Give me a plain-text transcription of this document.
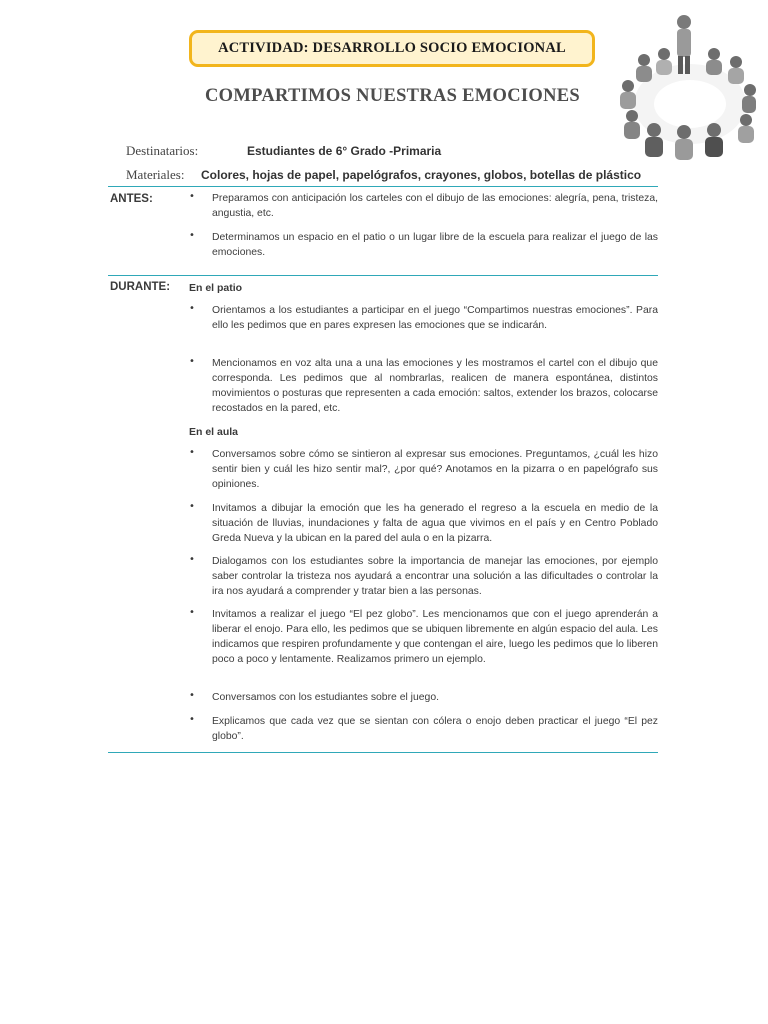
ACTIVIDAD: DESARROLLO SOCIO EMOCIONAL
COMPARTIMOS NUESTRAS EMOCIONES
Destinatarios:	Estudiantes de 6° Grado -Primaria
Materiales: Colores, hojas de papel, papelógrafos, crayones, globos, botellas de plástico
ANTES:	• Preparamos con anticipación los carteles con el dibujo de las emociones: alegría, pena, tristeza, angustia, etc.
• Determinamos un espacio en el patio o un lugar libre de la escuela para realizar el juego de las emociones.
DURANTE: En el patio
• Orientamos a los estudiantes a participar en el juego “Compartimos nuestras emociones”. Para ello les pedimos que en pares expresen las emociones que se indicarán.
• Mencionamos en voz alta una a una las emociones y les mostramos el cartel con el dibujo que corresponda. Les pedimos que al nombrarlas, realicen de manera espontánea, distintos movimientos o posturas que representen a cada emoción: saltos, extender los brazos, colocarse recostados en la pared, etc.
En el aula
• Conversamos sobre cómo se sintieron al expresar sus emociones. Preguntamos, ¿cuál les hizo sentir bien y cuál les hizo sentir mal?, ¿por qué? Anotamos en la pizarra o en papelógrafo sus opiniones.
• Invitamos a dibujar la emoción que les ha generado el regreso a la escuela en medio de la situación de lluvias, inundaciones y falta de agua que vivimos en el país y en Centro Poblado Greda Nueva y la ubican en la pared del aula o en la pizarra.
• Dialogamos con los estudiantes sobre la importancia de manejar las emociones, por ejemplo saber controlar la tristeza nos ayudará a encontrar una solución a las dificultades o controlar la ira nos ayudará a comprender y tratar bien a las personas.
• Invitamos a realizar el juego “El pez globo”. Les mencionamos que con el juego aprenderán a liberar el enojo. Para ello, les pedimos que se ubiquen libremente en algún espacio del aula. Les indicamos que respiren profundamente y que contengan el aire, luego les pedimos que lo liberen poco a poco y lentamente. Realizamos primero un ejemplo.
• Conversamos con los estudiantes sobre el juego.
• Explicamos que cada vez que se sientan con cólera o enojo deben practicar el juego “El pez globo”.
